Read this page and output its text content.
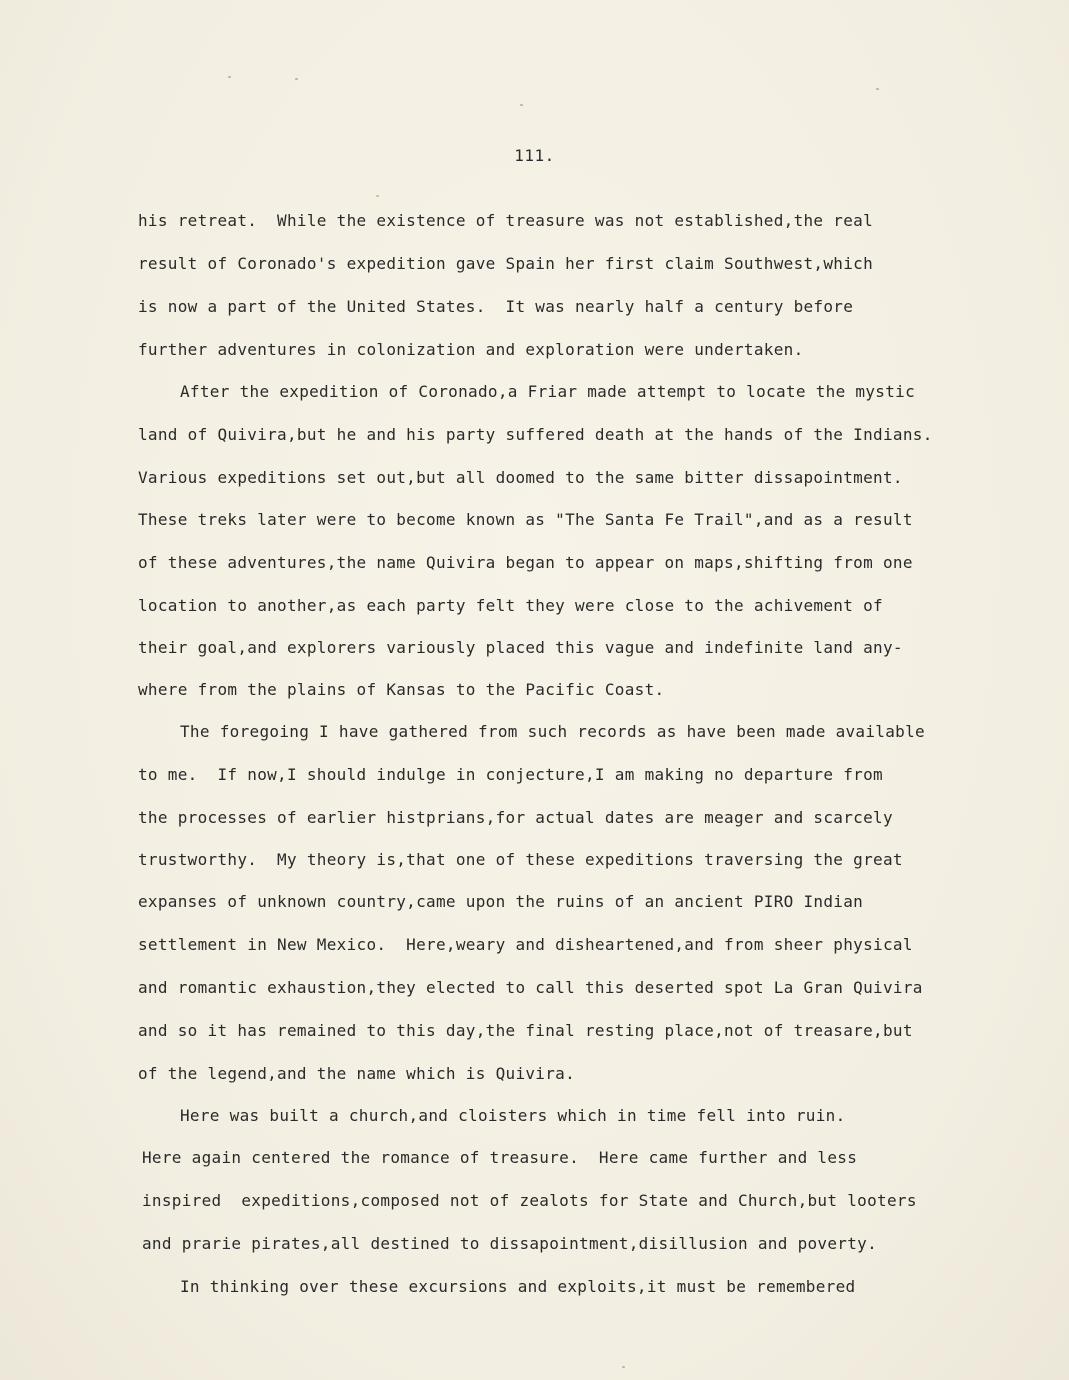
111.
his retreat.  While the existence of treasure was not established,the real
result of Coronado's expedition gave Spain her first claim Southwest,which
is now a part of the United States.  It was nearly half a century before
further adventures in colonization and exploration were undertaken.
After the expedition of Coronado,a Friar made attempt to locate the mystic
land of Quivira,but he and his party suffered death at the hands of the Indians.
Various expeditions set out,but all doomed to the same bitter dissapointment.
These treks later were to become known as "The Santa Fe Trail",and as a result
of these adventures,the name Quivira began to appear on maps,shifting from one
location to another,as each party felt they were close to the achivement of
their goal,and explorers variously placed this vague and indefinite land any-
where from the plains of Kansas to the Pacific Coast.
The foregoing I have gathered from such records as have been made available
to me.  If now,I should indulge in conjecture,I am making no departure from
the processes of earlier histprians,for actual dates are meager and scarcely
trustworthy.  My theory is,that one of these expeditions traversing the great
expanses of unknown country,came upon the ruins of an ancient PIRO Indian
settlement in New Mexico.  Here,weary and disheartened,and from sheer physical
and romantic exhaustion,they elected to call this deserted spot La Gran Quivira
and so it has remained to this day,the final resting place,not of treasare,but
of the legend,and the name which is Quivira.
Here was built a church,and cloisters which in time fell into ruin.
Here again centered the romance of treasure.  Here came further and less
inspired  expeditions,composed not of zealots for State and Church,but looters
and prarie pirates,all destined to dissapointment,disillusion and poverty.
In thinking over these excursions and exploits,it must be remembered
